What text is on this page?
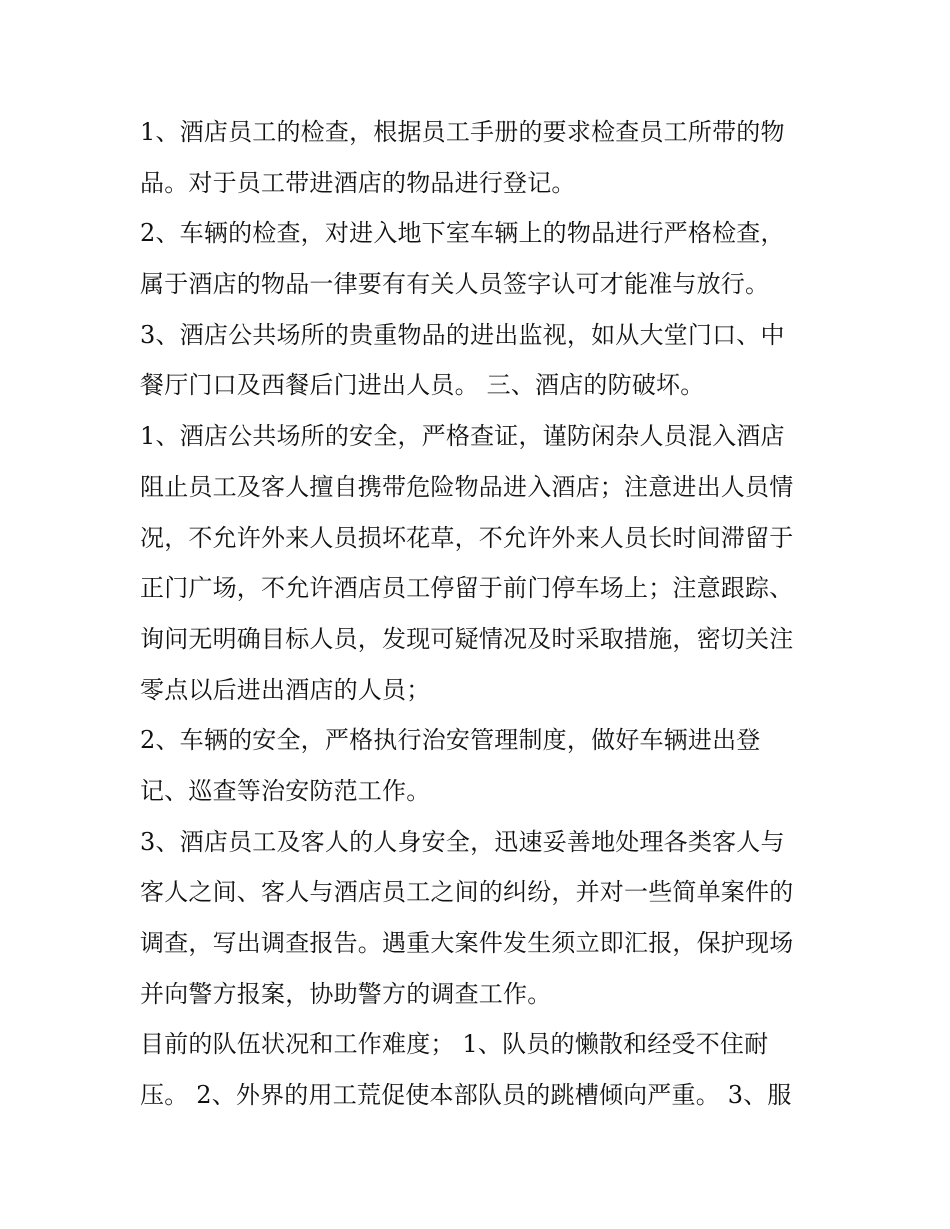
1、酒店员工的检查，根据员工手册的要求检查员工所带的物
品。对于员工带进酒店的物品进行登记。
2、车辆的检查，对进入地下室车辆上的物品进行严格检查，
属于酒店的物品一律要有有关人员签字认可才能准与放行。
3、酒店公共场所的贵重物品的进出监视，如从大堂门口、中
餐厅门口及西餐后门进出人员。 三、酒店的防破坏。
1、酒店公共场所的安全，严格查证，谨防闲杂人员混入酒店
阻止员工及客人擅自携带危险物品进入酒店；注意进出人员情
况，不允许外来人员损坏花草，不允许外来人员长时间滞留于
正门广场，不允许酒店员工停留于前门停车场上；注意跟踪、
询问无明确目标人员，发现可疑情况及时采取措施，密切关注
零点以后进出酒店的人员；
2、车辆的安全，严格执行治安管理制度，做好车辆进出登
记、巡查等治安防范工作。
3、酒店员工及客人的人身安全，迅速妥善地处理各类客人与
客人之间、客人与酒店员工之间的纠纷，并对一些简单案件的
调查，写出调查报告。遇重大案件发生须立即汇报，保护现场
并向警方报案，协助警方的调查工作。
目前的队伍状况和工作难度； 1、队员的懒散和经受不住耐
压。 2、外界的用工荒促使本部队员的跳槽倾向严重。 3、服
